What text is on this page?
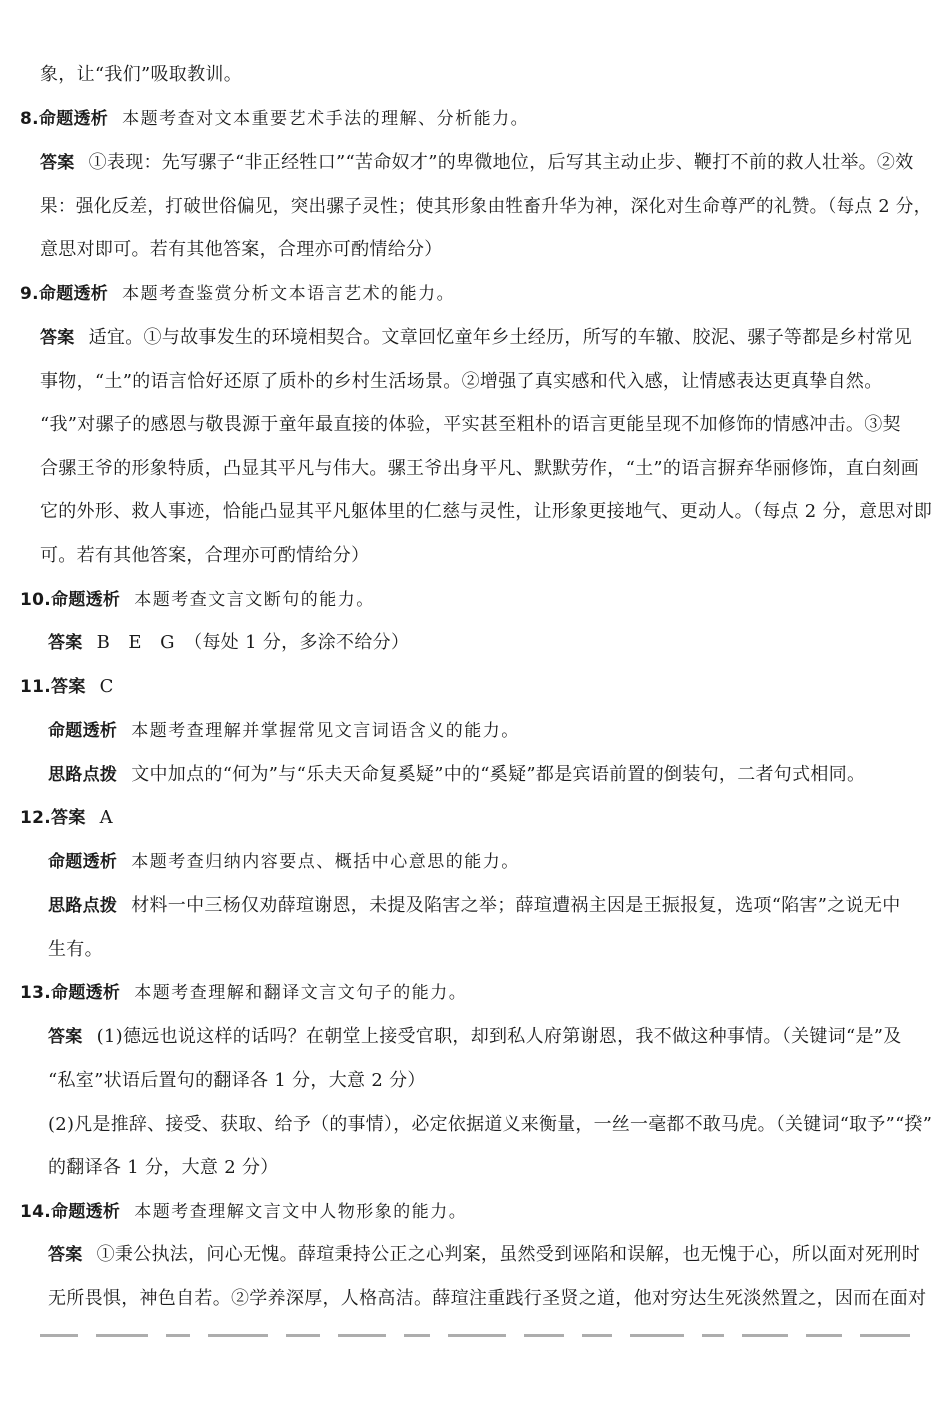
象，让“我们”吸取教训。
8.命题透析 本题考查对文本重要艺术手法的理解、分析能力。
答案 ①表现：先写骡子“非正经牲口”“苦命奴才”的卑微地位，后写其主动止步、鞭打不前的救人壮举。②效
果：强化反差，打破世俗偏见，突出骡子灵性；使其形象由牲畜升华为神，深化对生命尊严的礼赞。（每点 2 分，
意思对即可。若有其他答案，合理亦可酌情给分）
9.命题透析 本题考查鉴赏分析文本语言艺术的能力。
答案 适宜。①与故事发生的环境相契合。文章回忆童年乡土经历，所写的车辙、胶泥、骡子等都是乡村常见
事物，“土”的语言恰好还原了质朴的乡村生活场景。②增强了真实感和代入感，让情感表达更真挚自然。
“我”对骡子的感恩与敬畏源于童年最直接的体验，平实甚至粗朴的语言更能呈现不加修饰的情感冲击。③契
合骡王爷的形象特质，凸显其平凡与伟大。骡王爷出身平凡、默默劳作，“土”的语言摒弃华丽修饰，直白刻画
它的外形、救人事迹，恰能凸显其平凡躯体里的仁慈与灵性，让形象更接地气、更动人。（每点 2 分，意思对即
可。若有其他答案，合理亦可酌情给分）
10.命题透析 本题考查文言文断句的能力。
答案 B　E　G　（每处 1 分，多涂不给分）
11.答案 C
命题透析 本题考查理解并掌握常见文言词语含义的能力。
思路点拨 文中加点的“何为”与“乐夫天命复奚疑”中的“奚疑”都是宾语前置的倒装句，二者句式相同。
12.答案 A
命题透析 本题考查归纳内容要点、概括中心意思的能力。
思路点拨 材料一中三杨仅劝薛瑄谢恩，未提及陷害之举；薛瑄遭祸主因是王振报复，选项“陷害”之说无中
生有。
13.命题透析 本题考查理解和翻译文言文句子的能力。
答案 (1)德远也说这样的话吗？在朝堂上接受官职，却到私人府第谢恩，我不做这种事情。（关键词“是”及
“私室”状语后置句的翻译各 1 分，大意 2 分）
(2)凡是推辞、接受、获取、给予（的事情），必定依据道义来衡量，一丝一毫都不敢马虎。（关键词“取予”“揆”
的翻译各 1 分，大意 2 分）
14.命题透析 本题考查理解文言文中人物形象的能力。
答案 ①秉公执法，问心无愧。薛瑄秉持公正之心判案，虽然受到诬陷和误解，也无愧于心，所以面对死刑时
无所畏惧，神色自若。②学养深厚，人格高洁。薛瑄注重践行圣贤之道，他对穷达生死淡然置之，因而在面对
